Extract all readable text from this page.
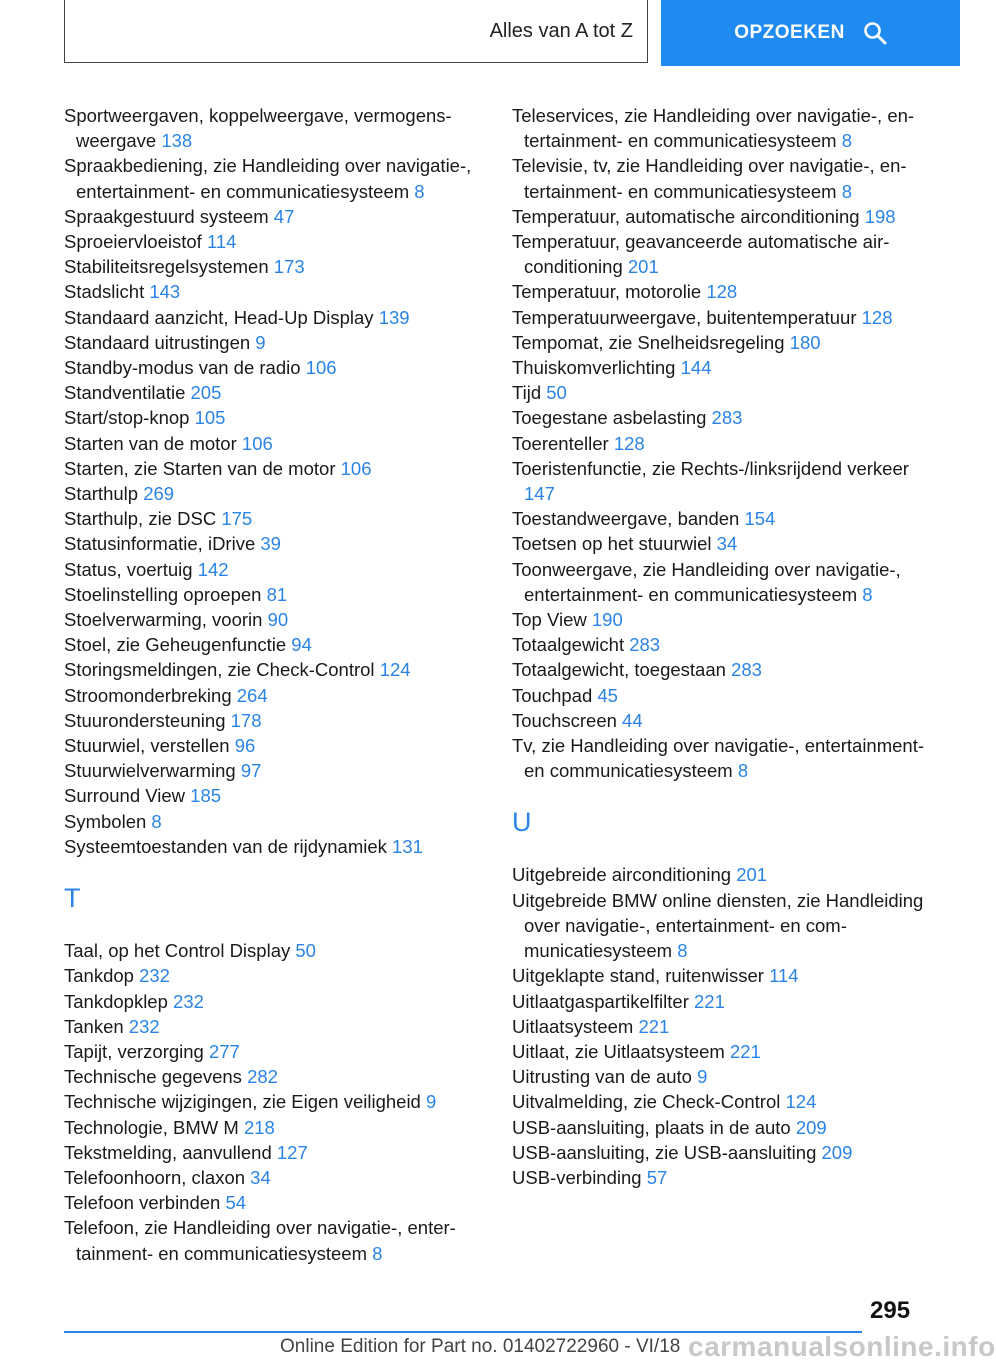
Alles van A tot Z	OPZOEKEN

Sportweergaven, koppelweergave, vermogensweergave 138

Spraakbediening, zie Handleiding over navigatie-, entertainment- en communicatiesysteem 8

Spraakgestuurd systeem 47

Sproeiervloeistof 114

Stabiliteitsregelsystemen 173

Stadslicht 143

Standaard aanzicht, Head-Up Display 139

Standaard uitrustingen 9

Standby-modus van de radio 106

Standventilatie 205

Start/stop-knop 105

Starten van de motor 106

Starten, zie Starten van de motor 106

Starthulp 269

Starthulp, zie DSC 175

Statusinformatie, iDrive 39

Status, voertuig 142

Stoelinstelling oproepen 81

Stoelverwarming, voorin 90

Stoel, zie Geheugenfunctie 94

Storingsmeldingen, zie Check-Control 124

Stroomonderbreking 264

Stuurondersteuning 178

Stuurwiel, verstellen 96

Stuurwielverwarming 97

Surround View 185

Symbolen 8

Systeemtoestanden van de rijdynamiek 131

T

Taal, op het Control Display 50

Tankdop 232

Tankdopklep 232

Tanken 232

Tapijt, verzorging 277

Technische gegevens 282

Technische wijzigingen, zie Eigen veiligheid 9

Technologie, BMW M 218

Tekstmelding, aanvullend 127

Telefoonhoorn, claxon 34

Telefoon verbinden 54

Telefoon, zie Handleiding over navigatie-, entertainment- en communicatiesysteem 8

Teleservices, zie Handleiding over navigatie-, entertainment- en communicatiesysteem 8

Televisie, tv, zie Handleiding over navigatie-, entertainment- en communicatiesysteem 8

Temperatuur, automatische airconditioning 198

Temperatuur, geavanceerde automatische airconditioning 201

Temperatuur, motorolie 128

Temperatuurweergave, buitentemperatuur 128

Tempomat, zie Snelheidsregeling 180

Thuiskomverlichting 144

Tijd 50

Toegestane asbelasting 283

Toerenteller 128

Toeristenfunctie, zie Rechts-/linksrijdend verkeer 147

Toestandweergave, banden 154

Toetsen op het stuurwiel 34

Toonweergave, zie Handleiding over navigatie-, entertainment- en communicatiesysteem 8

Top View 190

Totaalgewicht 283

Totaalgewicht, toegestaan 283

Touchpad 45

Touchscreen 44

Tv, zie Handleiding over navigatie-, entertainment- en communicatiesysteem 8

U

Uitgebreide airconditioning 201

Uitgebreide BMW online diensten, zie Handleiding over navigatie-, entertainment- en communicatiesysteem 8

Uitgeklapte stand, ruitenwisser 114

Uitlaatgaspartikelfilter 221

Uitlaatsysteem 221

Uitlaat, zie Uitlaatsysteem 221

Uitrusting van de auto 9

Uitvalmelding, zie Check-Control 124

USB-aansluiting, plaats in de auto 209

USB-aansluiting, zie USB-aansluiting 209

USB-verbinding 57

295
Online Edition for Part no. 01402722960 - VI/18 carmanualsonline.info
